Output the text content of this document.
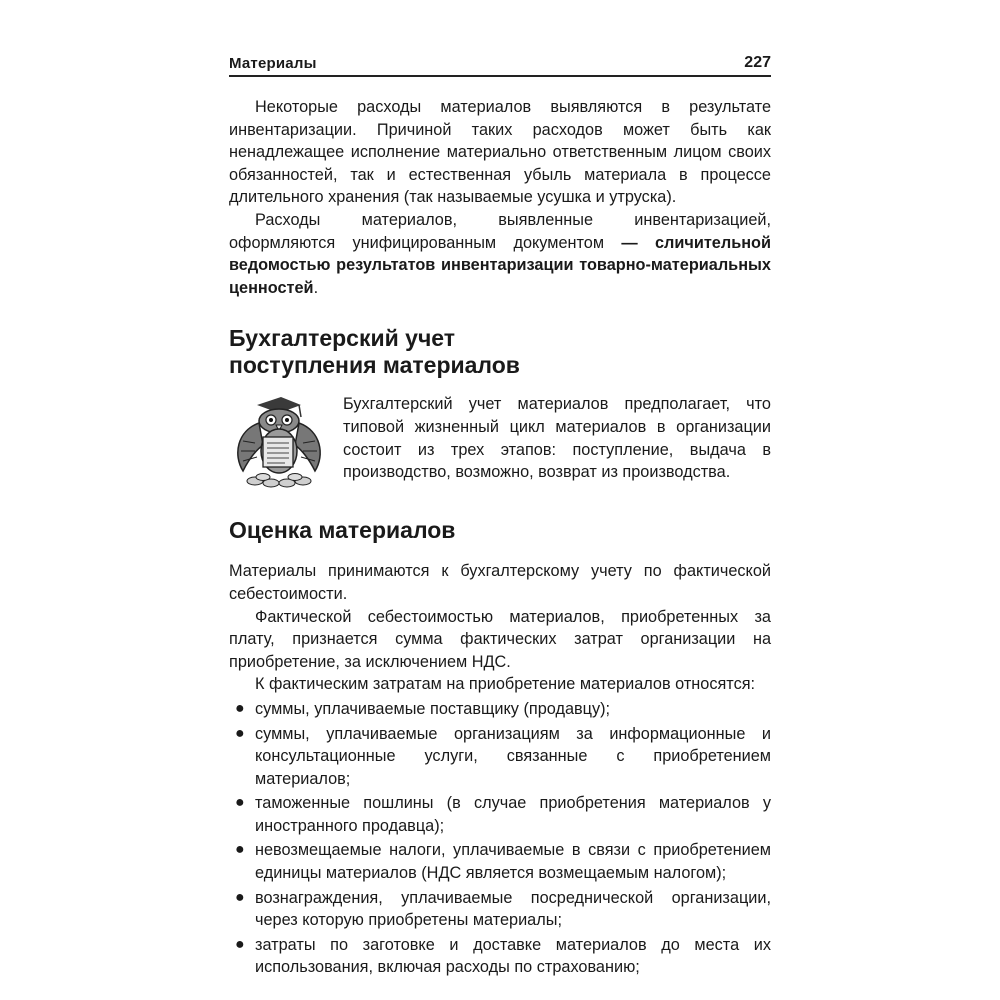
Материалы	227

Некоторые расходы материалов выявляются в результате инвентаризации. Причиной таких расходов может быть как ненадлежащее исполнение материально ответственным лицом своих обязанностей, так и естественная убыль материала в процессе длительного хранения (так называемые усушка и утруска).

Расходы материалов, выявленные инвентаризацией, оформляются унифицированным документом — сличительной ведомостью результатов инвентаризации товарно-материальных ценностей.

Бухгалтерский учет
поступления материалов

Бухгалтерский учет материалов предполагает, что типовой жизненный цикл материалов в организации состоит из трех этапов: поступление, выдача в производство, возможно, возврат из производства.

Оценка материалов

Материалы принимаются к бухгалтерскому учету по фактической себестоимости.

Фактической себестоимостью материалов, приобретенных за плату, признается сумма фактических затрат организации на приобретение, за исключением НДС.

К фактическим затратам на приобретение материалов относятся:

● суммы, уплачиваемые поставщику (продавцу);
● суммы, уплачиваемые организациям за информационные и консультационные услуги, связанные с приобретением материалов;
● таможенные пошлины (в случае приобретения материалов у иностранного продавца);
● невозмещаемые налоги, уплачиваемые в связи с приобретением единицы материалов (НДС является возмещаемым налогом);
● вознаграждения, уплачиваемые посреднической организации, через которую приобретены материалы;
● затраты по заготовке и доставке материалов до места их использования, включая расходы по страхованию;
